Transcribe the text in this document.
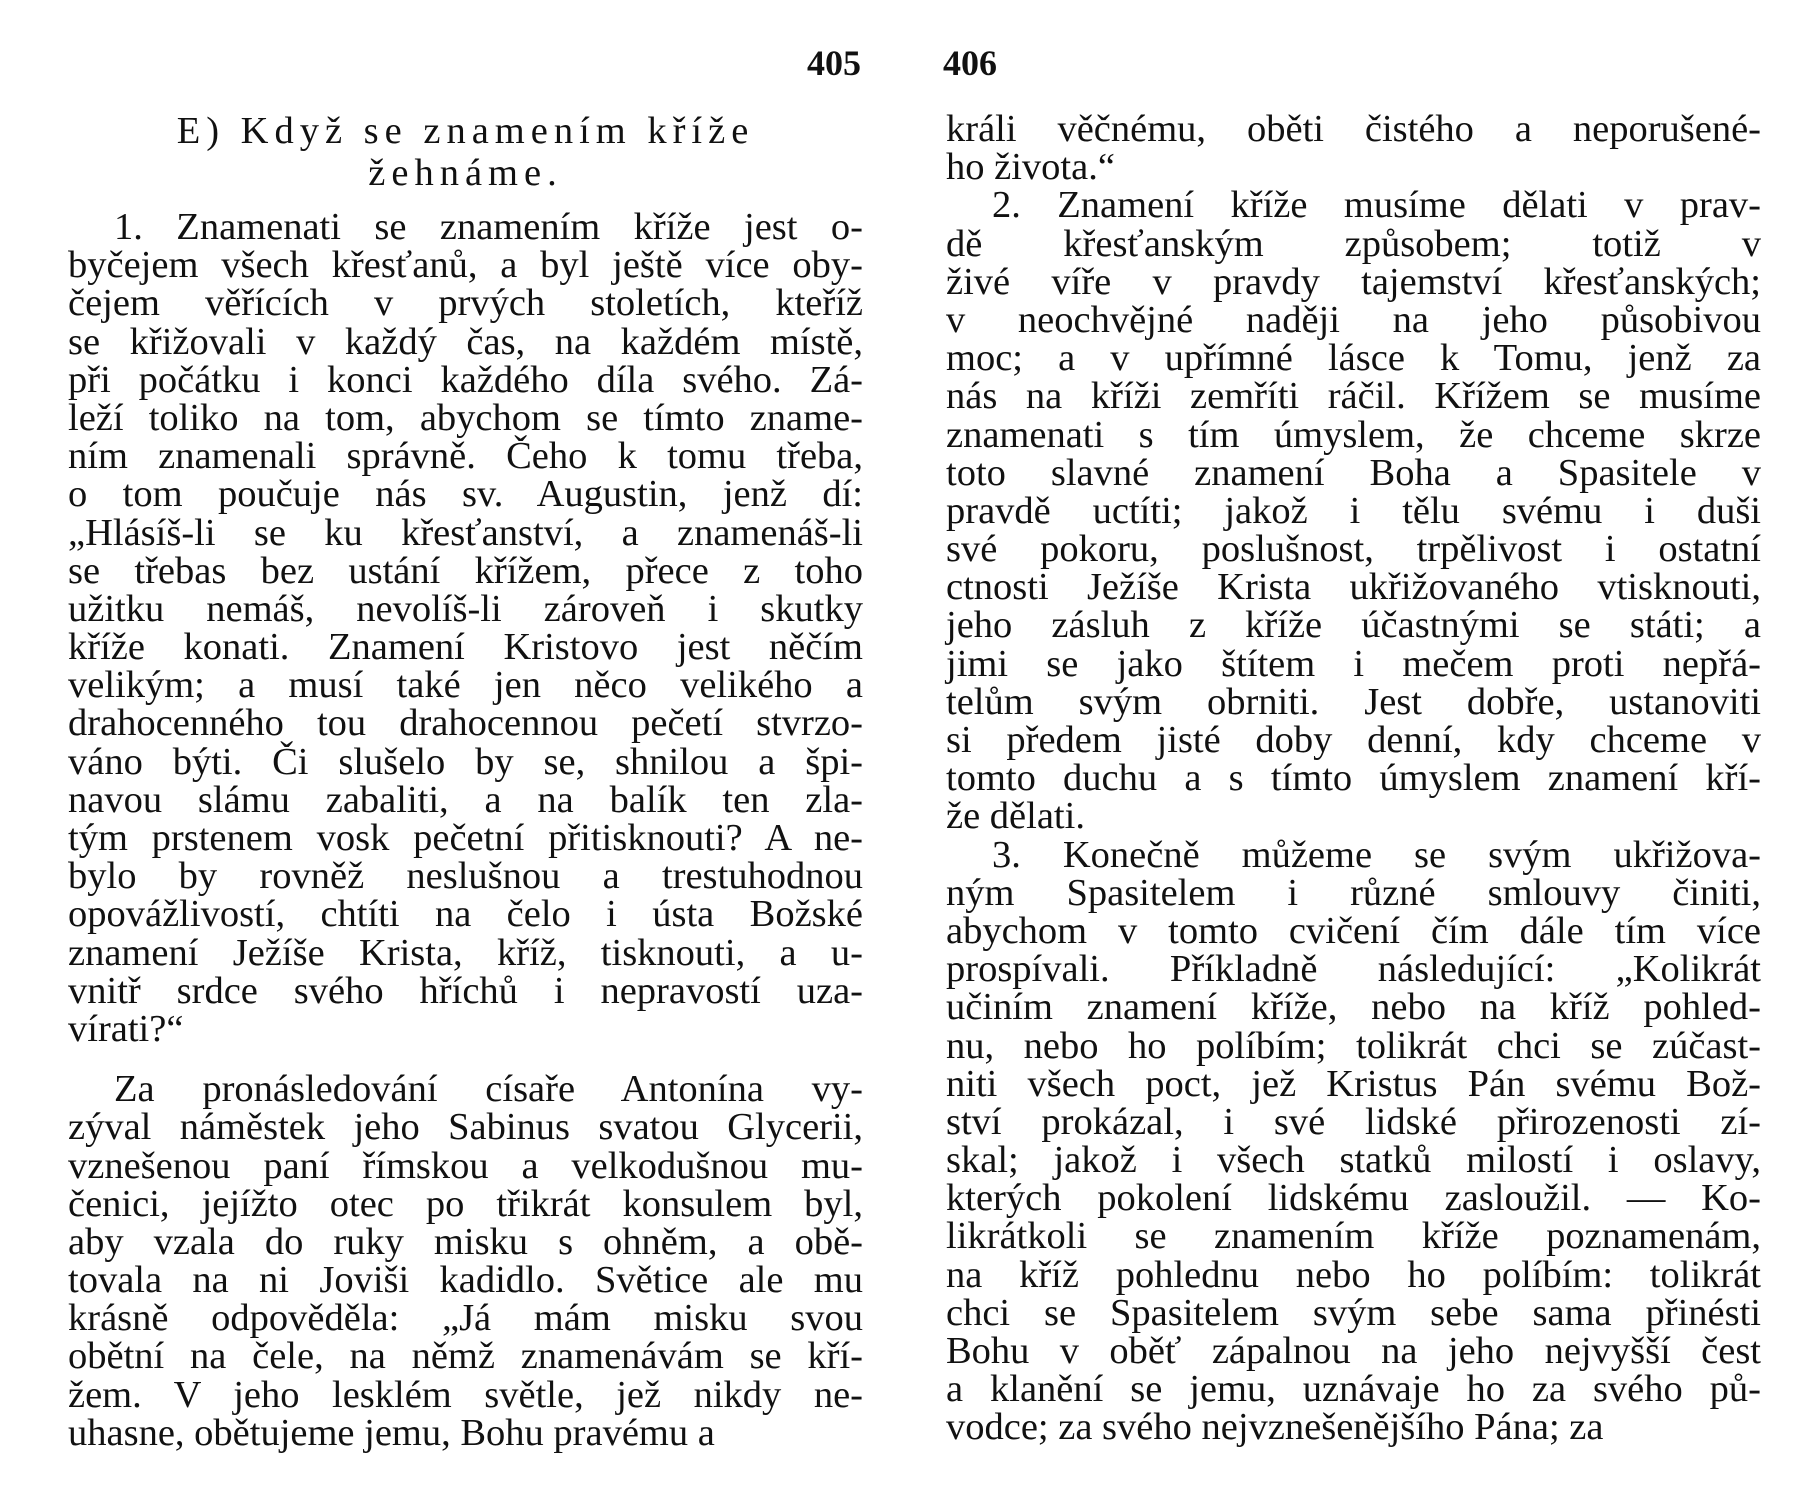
405
E) Když se znamením kříže
žehnáme.
1. Znamenati se znamením kříže jest o-
byčejem všech křesťanů, a byl ještě více oby-
čejem věřících v prvých stoletích, kteříž
se křižovali v každý čas, na každém místě,
při počátku i konci každého díla svého. Zá-
leží toliko na tom, abychom se tímto zname-
ním znamenali správně. Čeho k tomu třeba,
o tom poučuje nás sv. Augustin, jenž dí:
„Hlásíš-li se ku křesťanství, a znamenáš-li
se třebas bez ustání křížem, přece z toho
užitku nemáš, nevolíš-li zároveň i skutky
kříže konati. Znamení Kristovo jest něčím
velikým; a musí také jen něco velikého a
drahocenného tou drahocennou pečetí stvrzo-
váno býti. Či slušelo by se, shnilou a špi-
navou slámu zabaliti, a na balík ten zla-
tým prstenem vosk pečetní přitisknouti? A ne-
bylo by rovněž neslušnou a trestuhodnou
opovážlivostí, chtíti na čelo i ústa Božské
znamení Ježíše Krista, kříž, tisknouti, a u-
vnitř srdce svého hříchů i nepravostí uza-
vírati?“
Za pronásledování císaře Antonína vy-
zýval náměstek jeho Sabinus svatou Glycerii,
vznešenou paní římskou a velkodušnou mu-
čenici, jejížto otec po třikrát konsulem byl,
aby vzala do ruky misku s ohněm, a obě-
tovala na ni Joviši kadidlo. Světice ale mu
krásně odpověděla: „Já mám misku svou
obětní na čele, na němž znamenávám se kří-
žem. V jeho lesklém světle, jež nikdy ne-
uhasne, obětujeme jemu, Bohu pravému a
406
králi věčnému, oběti čistého a neporušené-
ho života.“
2. Znamení kříže musíme dělati v prav-
dě křesťanským způsobem; totiž v
živé víře v pravdy tajemství křesťanských;
v neochvějné naději na jeho působivou
moc; a v upřímné lásce k Tomu, jenž za
nás na kříži zemříti ráčil. Křížem se musíme
znamenati s tím úmyslem, že chceme skrze
toto slavné znamení Boha a Spasitele v
pravdě uctíti; jakož i tělu svému i duši
své pokoru, poslušnost, trpělivost i ostatní
ctnosti Ježíše Krista ukřižovaného vtisknouti,
jeho zásluh z kříže účastnými se státi; a
jimi se jako štítem i mečem proti nepřá-
telům svým obrniti. Jest dobře, ustanoviti
si předem jisté doby denní, kdy chceme v
tomto duchu a s tímto úmyslem znamení kří-
že dělati.
3. Konečně můžeme se svým ukřižova-
ným Spasitelem i různé smlouvy činiti,
abychom v tomto cvičení čím dále tím více
prospívali. Příkladně následující: „Kolikrát
učiním znamení kříže, nebo na kříž pohled-
nu, nebo ho políbím; tolikrát chci se zúčast-
niti všech poct, jež Kristus Pán svému Bož-
ství prokázal, i své lidské přirozenosti zí-
skal; jakož i všech statků milostí i oslavy,
kterých pokolení lidskému zasloužil. — Ko-
likrátkoli se znamením kříže poznamenám,
na kříž pohlednu nebo ho políbím: tolikrát
chci se Spasitelem svým sebe sama přinésti
Bohu v oběť zápalnou na jeho nejvyšší čest
a klanění se jemu, uznávaje ho za svého pů-
vodce; za svého nejvznešenějšího Pána; za
